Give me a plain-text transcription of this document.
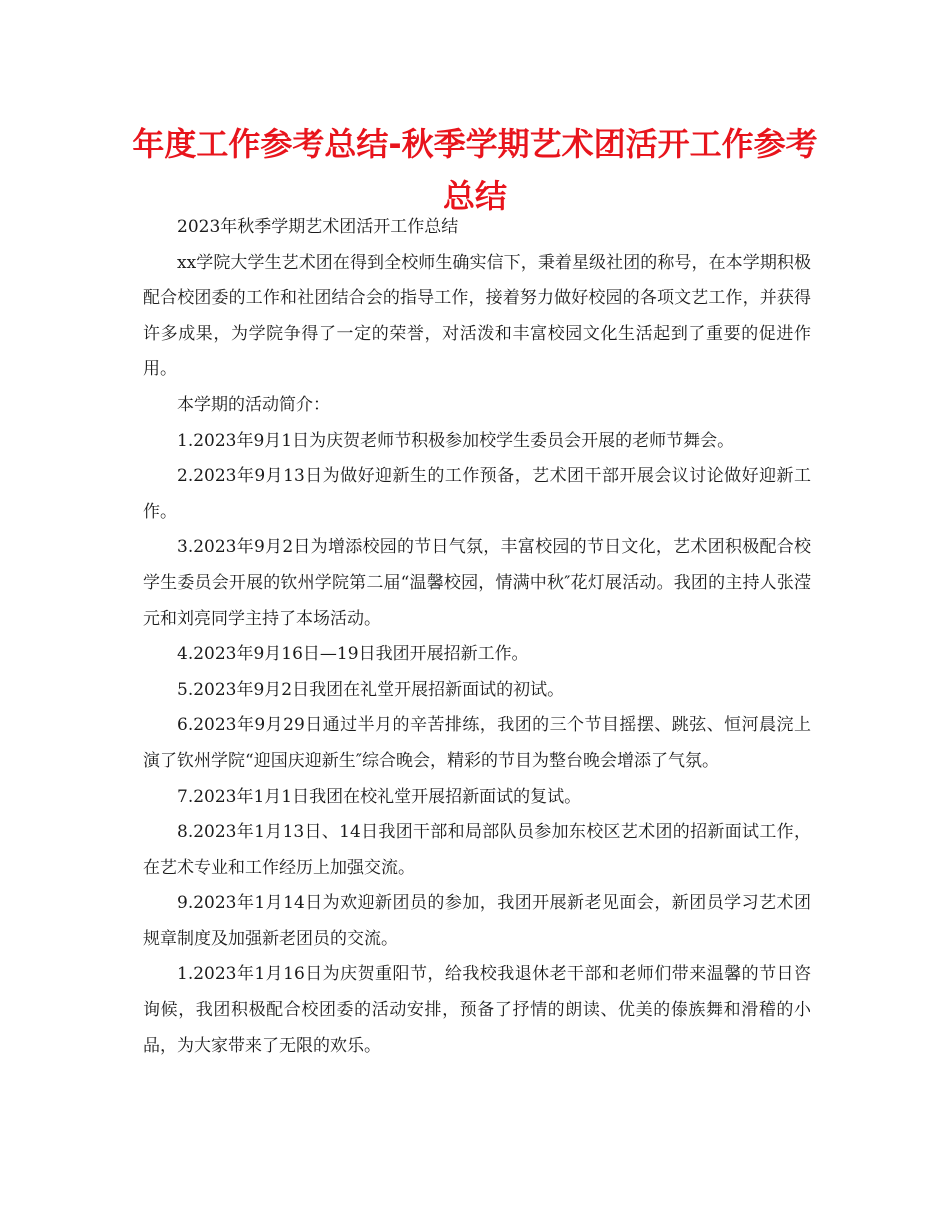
年度工作参考总结-秋季学期艺术团活开工作参考总结

2023年秋季学期艺术团活开工作总结

xx学院大学生艺术团在得到全校师生确实信下，秉着星级社团的称号，在本学期积极配合校团委的工作和社团结合会的指导工作，接着努力做好校园的各项文艺工作，并获得许多成果，为学院争得了一定的荣誉，对活泼和丰富校园文化生活起到了重要的促进作用。

本学期的活动简介：

1.2023年9月1日为庆贺老师节积极参加校学生委员会开展的老师节舞会。

2.2023年9月13日为做好迎新生的工作预备，艺术团干部开展会议讨论做好迎新工作。

3.2023年9月2日为增添校园的节日气氛，丰富校园的节日文化，艺术团积极配合校学生委员会开展的钦州学院第二届“温馨校园，情满中秋″花灯展活动。我团的主持人张滢元和刘亮同学主持了本场活动。

4.2023年9月16日—19日我团开展招新工作。

5.2023年9月2日我团在礼堂开展招新面试的初试。

6.2023年9月29日通过半月的辛苦排练，我团的三个节目摇摆、跳弦、恒河晨浣上演了钦州学院“迎国庆迎新生″综合晚会，精彩的节目为整台晚会增添了气氛。

7.2023年1月1日我团在校礼堂开展招新面试的复试。

8.2023年1月13日、14日我团干部和局部队员参加东校区艺术团的招新面试工作，在艺术专业和工作经历上加强交流。

9.2023年1月14日为欢迎新团员的参加，我团开展新老见面会，新团员学习艺术团规章制度及加强新老团员的交流。

1.2023年1月16日为庆贺重阳节，给我校我退休老干部和老师们带来温馨的节日咨询候，我团积极配合校团委的活动安排，预备了抒情的朗读、优美的傣族舞和滑稽的小品，为大家带来了无限的欢乐。
